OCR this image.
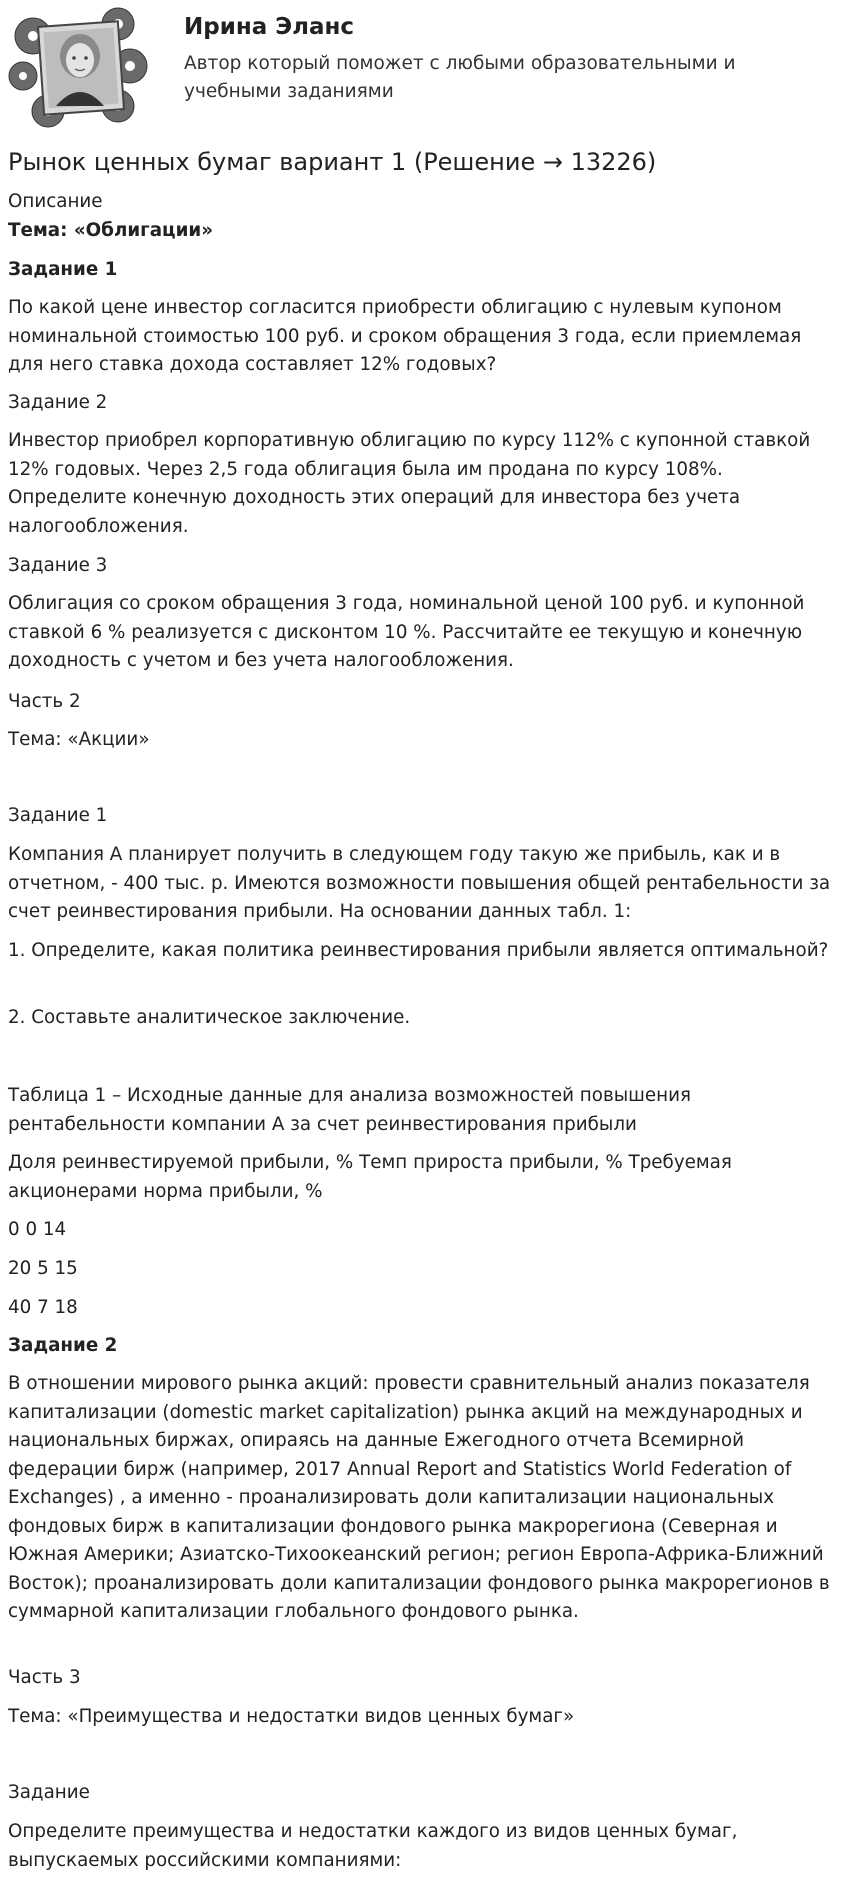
Ирина Эланс
Автор который поможет с любыми образовательными и учебными заданиями
Рынок ценных бумаг вариант 1 (Решение → 13226)

Описание

Тема: «Облигации»

Задание 1

По какой цене инвестор согласится приобрести облигацию с нулевым купоном номинальной стоимостью 100 руб. и сроком обращения 3 года, если приемлемая для него ставка дохода составляет 12% годовых?

Задание 2

Инвестор приобрел корпоративную облигацию по курсу 112% с купонной ставкой 12% годовых. Через 2,5 года облигация была им продана по курсу 108%. Определите конечную доходность этих операций для инвестора без учета налогообложения.

Задание 3

Облигация со сроком обращения 3 года, номинальной ценой 100 руб. и купонной ставкой 6 % реализуется с дисконтом 10 %. Рассчитайте ее текущую и конечную доходность с учетом и без учета налогообложения.

Часть 2

Тема: «Акции»

Задание 1

Компания А планирует получить в следующем году такую же прибыль, как и в отчетном, - 400 тыс. р. Имеются возможности повышения общей рентабельности за счет реинвестирования прибыли. На основании данных табл. 1:

1. Определите, какая политика реинвестирования прибыли является оптимальной?

2. Составьте аналитическое заключение.

Таблица 1 – Исходные данные для анализа возможностей повышения рентабельности компании А за счет реинвестирования прибыли

Доля реинвестируемой прибыли, % Темп прироста прибыли, % Требуемая акционерами норма прибыли, %

0 0 14

20 5 15

40 7 18

Задание 2

В отношении мирового рынка акций: провести сравнительный анализ показателя капитализации (domestic market capitalization) рынка акций на международных и национальных биржах, опираясь на данные Ежегодного отчета Всемирной федерации бирж (например, 2017 Annual Report and Statistics World Federation of Exchanges) , а именно - проанализировать доли капитализации национальных фондовых бирж в капитализации фондового рынка макрорегиона (Северная и Южная Америки; Азиатско-Тихоокеанский регион; регион Европа-Африка-Ближний Восток); проанализировать доли капитализации фондового рынка макрорегионов в суммарной капитализации глобального фондового рынка.

Часть 3

Тема: «Преимущества и недостатки видов ценных бумаг»

Задание

Определите преимущества и недостатки каждого из видов ценных бумаг, выпускаемых российскими компаниями:
